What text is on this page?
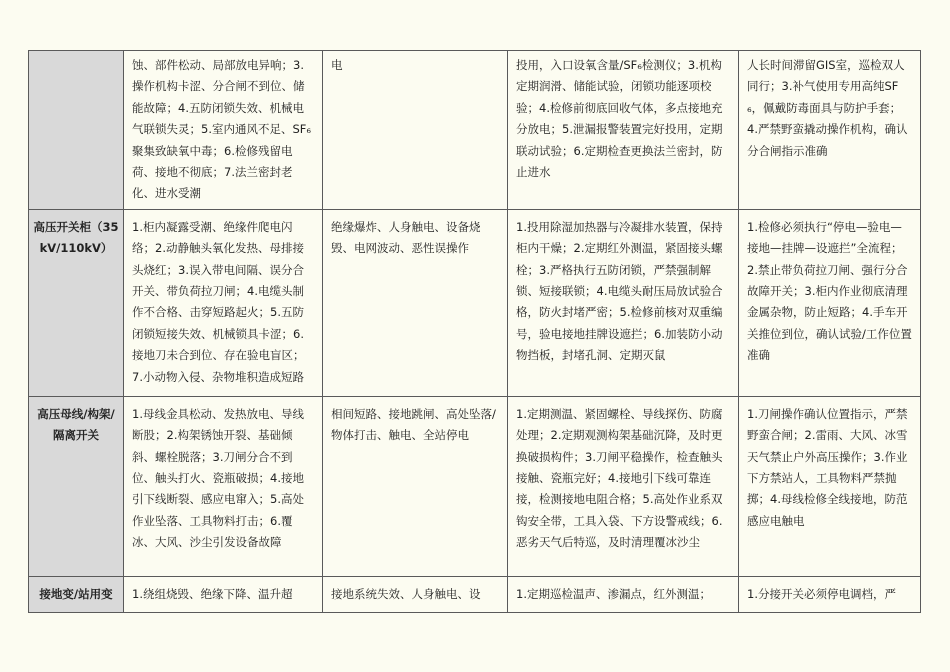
	蚀、部件松动、局部放电异响；3.操作机构卡涩、分合闸不到位、储能故障；4.五防闭锁失效、机械电气联锁失灵；5.室内通风不足、SF₆聚集致缺氧中毒；6.检修残留电荷、接地不彻底；7.法兰密封老化、进水受潮	电	投用，入口设氧含量/SF₆检测仪；3.机构定期润滑、储能试验，闭锁功能逐项校验；4.检修前彻底回收气体，多点接地充分放电；5.泄漏报警装置完好投用，定期联动试验；6.定期检查更换法兰密封，防止进水	人长时间滞留GIS室，巡检双人同行；3.补气使用专用高纯SF₆，佩戴防毒面具与防护手套；4.严禁野蛮撬动操作机构，确认分合闸指示准确
高压开关柜（35kV/110kV）	1.柜内凝露受潮、绝缘件爬电闪络；2.动静触头氧化发热、母排接头烧红；3.误入带电间隔、误分合开关、带负荷拉刀闸；4.电缆头制作不合格、击穿短路起火；5.五防闭锁短接失效、机械锁具卡涩；6.接地刀未合到位、存在验电盲区；7.小动物入侵、杂物堆积造成短路	绝缘爆炸、人身触电、设备烧毁、电网波动、恶性误操作	1.投用除湿加热器与冷凝排水装置，保持柜内干燥；2.定期红外测温，紧固接头螺栓；3.严格执行五防闭锁，严禁强制解锁、短接联锁；4.电缆头耐压局放试验合格，防火封堵严密；5.检修前核对双重编号，验电接地挂牌设遮拦；6.加装防小动物挡板，封堵孔洞、定期灭鼠	1.检修必须执行“停电—验电—接地—挂牌—设遮拦”全流程；2.禁止带负荷拉刀闸、强行分合故障开关；3.柜内作业彻底清理金属杂物，防止短路；4.手车开关推位到位，确认试验/工作位置准确
高压母线/构架/隔离开关	1.母线金具松动、发热放电、导线断股；2.构架锈蚀开裂、基础倾斜、螺栓脱落；3.刀闸分合不到位、触头打火、瓷瓶破损；4.接地引下线断裂、感应电窜入；5.高处作业坠落、工具物料打击；6.覆冰、大风、沙尘引发设备故障	相间短路、接地跳闸、高处坠落/物体打击、触电、全站停电	1.定期测温、紧固螺栓、导线探伤、防腐处理；2.定期观测构架基础沉降，及时更换破损构件；3.刀闸平稳操作，检查触头接触、瓷瓶完好；4.接地引下线可靠连接，检测接地电阻合格；5.高处作业系双钩安全带，工具入袋、下方设警戒线；6.恶劣天气后特巡，及时清理覆冰沙尘	1.刀闸操作确认位置指示，严禁野蛮合闸；2.雷雨、大风、冰雪天气禁止户外高压操作；3.作业下方禁站人，工具物料严禁抛掷；4.母线检修全线接地，防范感应电触电
接地变/站用变	1.绕组烧毁、绝缘下降、温升超	接地系统失效、人身触电、设	1.定期巡检温声、渗漏点，红外测温；	1.分接开关必须停电调档，严
